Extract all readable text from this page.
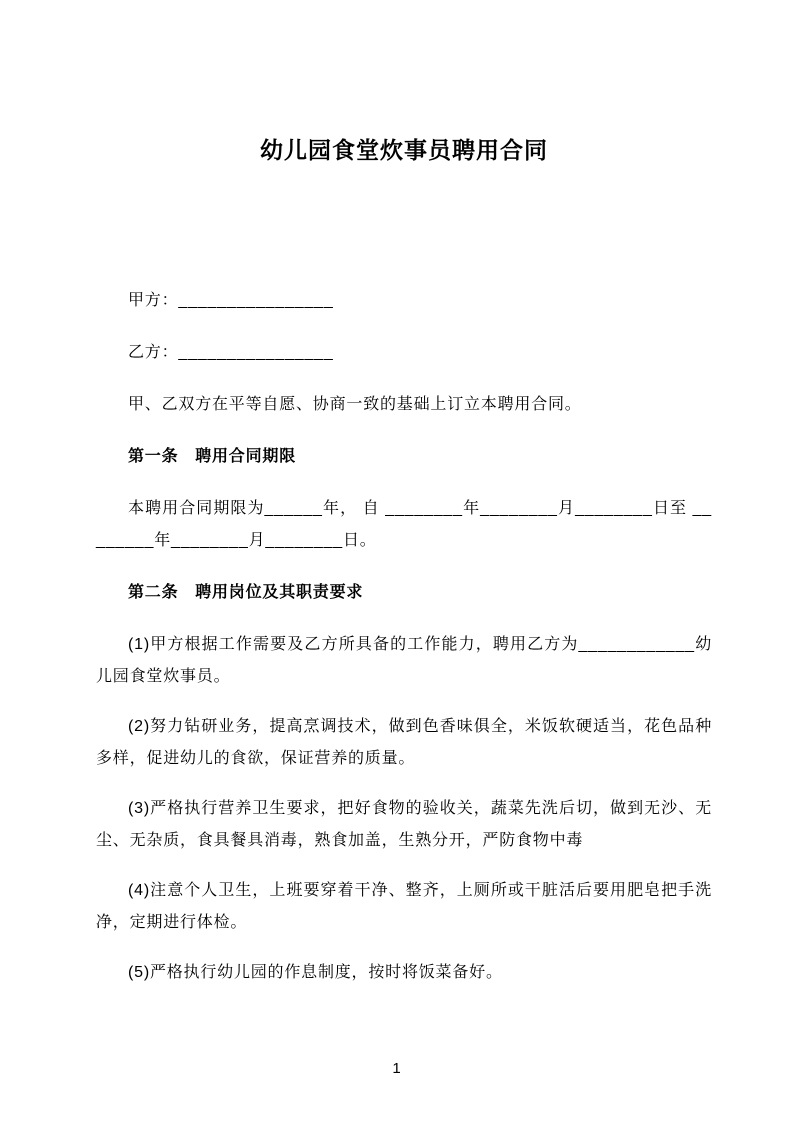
幼儿园食堂炊事员聘用合同

甲方：________________

乙方：________________

甲、乙双方在平等自愿、协商一致的基础上订立本聘用合同。

第一条　聘用合同期限

本聘用合同期限为______年， 自 ________年________月________日至 ________年________月________日。

第二条　聘用岗位及其职责要求

(1)甲方根据工作需要及乙方所具备的工作能力，聘用乙方为____________幼儿园食堂炊事员。

(2)努力钻研业务，提高烹调技术，做到色香味俱全，米饭软硬适当，花色品种多样，促进幼儿的食欲，保证营养的质量。

(3)严格执行营养卫生要求，把好食物的验收关，蔬菜先洗后切，做到无沙、无尘、无杂质，食具餐具消毒，熟食加盖，生熟分开，严防食物中毒

(4)注意个人卫生，上班要穿着干净、整齐，上厕所或干脏活后要用肥皂把手洗净，定期进行体检。

(5)严格执行幼儿园的作息制度，按时将饭菜备好。

1
